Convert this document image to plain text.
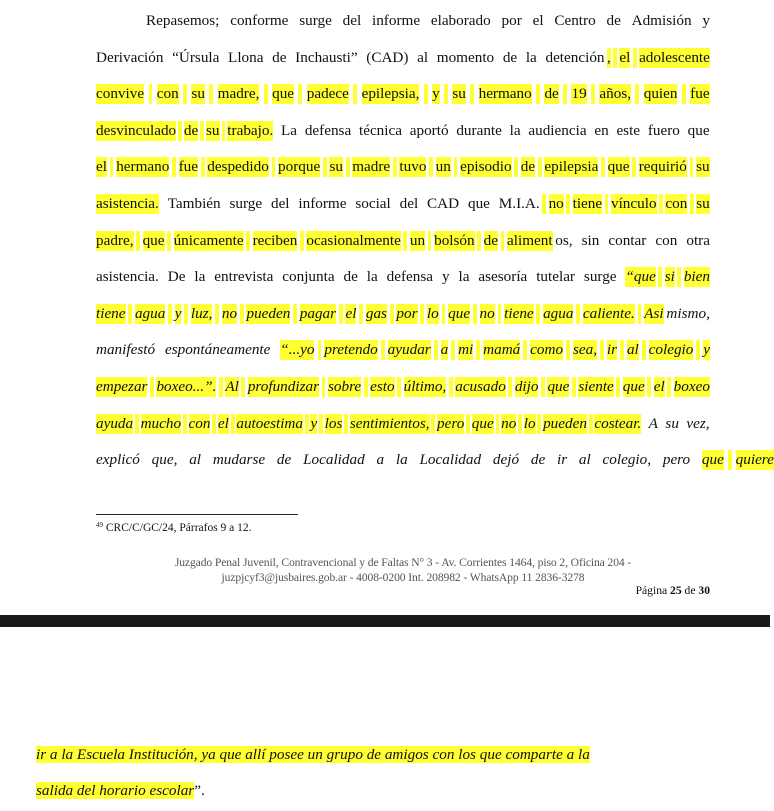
Repasemos;
conforme
surge
del
informe
elaborado
por
el
Centro
de
Admisión
y
Derivación
“Úrsula
Llona
de
Inchausti”
(CAD)
al
momento
de
la
detención ,
el
adolescente
convive
con
su
madre,
que
padece
epilepsia,
y
su
hermano
de
19
años,
quien
fue
desvinculado
de
su
trabajo.
La
defensa
técnica
aportó
durante
la
audiencia
en
este
fuero
que
el
hermano
fue
despedido
porque
su
madre
tuvo
un
episodio
de
epilepsia
que
requirió
su
asistencia.
También
surge
del
informe
social
del
CAD
que
M.I.A.
no
tiene
vínculo
con
su
padre,
que
únicamente
reciben
ocasionalmente
un
bolsón
de
aliment os,
sin
contar
con
otra
asistencia.
De
la
entrevista
conjunta
de
la
defensa
y
la
asesoría
tutelar
surge
“que
si
bien
tiene
agua
y
luz,
no
pueden
pagar
el
gas
por
lo
que
no
tiene
agua
caliente.
Asi mismo,
manifestó
espontáneamente
“...yo
pretendo
ayudar
a
mi
mamá
como
sea,
ir
al
colegio
y
empezar
boxeo...”.
Al
profundizar
sobre
esto
último,
acusado
dijo
que
siente
que
el
boxeo
ayuda
mucho
con
el
autoestima
y
los
sentimientos,
pero
que
no
lo
pueden
costear.
A
su
vez,
explicó
que,
al
mudarse
de
Localidad
a
la
Localidad
dejó
de
ir
al
colegio,
pero
que
quiere
$^{49}$ CRC/C/GC/24, Párrafos 9 a 12.
Juzgado Penal Juvenil, Contravencional y de Faltas N° 3 - Av. Corrientes 1464, piso 2, Oficina 204 -
juzpjcyf3@jusbaires.gob.ar - 4008-0200 Int. 208982 - WhatsApp 11 2836-3278
Página 25 de 30
ir a la Escuela Institución, ya que allí posee un grupo de amigos con los que comparte a la
salida del horario escolar”.
